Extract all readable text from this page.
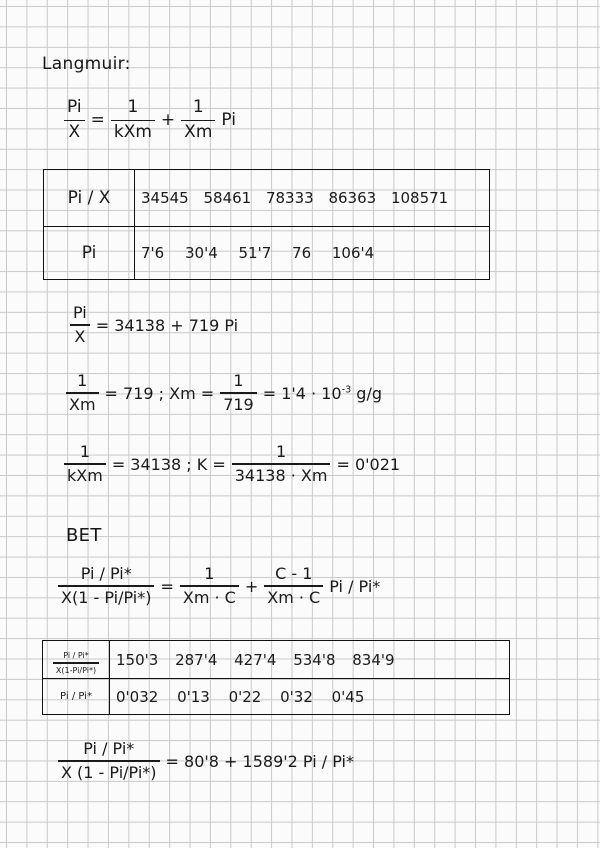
Langmuir:
$\frac{Pi}{X} = \frac{1}{\text{kXm}} + \frac{1}{Xm}$ Pi
Pi / X	34545 58461 78333 86363 108571
Pi	7'6 30'4 51'7 76 106'4
$\frac{Pi}{X} = 34138 + 719$ Pi
$\frac{1}{Xm} = 719$ ; $Xm = \frac{1}{719} = 1'4 \cdot 10^{-3}$ g/g
$\frac{1}{\text{kXm}} = 34138$ ; $K = \frac{1}{34138 \cdot Xm} = 0'021$
BET
$\frac{Pi / Pi*}{X(1 - Pi/Pi*)} = \frac{1}{Xm \cdot C} + \frac{C - 1}{Xm \cdot C}$ Pi / Pi*
$\frac{Pi / Pi*}{X(1-Pi/Pi*)}$	150'3 287'4 427'4 534'8 834'9
Pi / Pi*	0'032 0'13 0'22 0'32 0'45
$\frac{Pi / Pi*}{X (1 - Pi/Pi*)} = 80'8 + 1589'2$ Pi / Pi*
